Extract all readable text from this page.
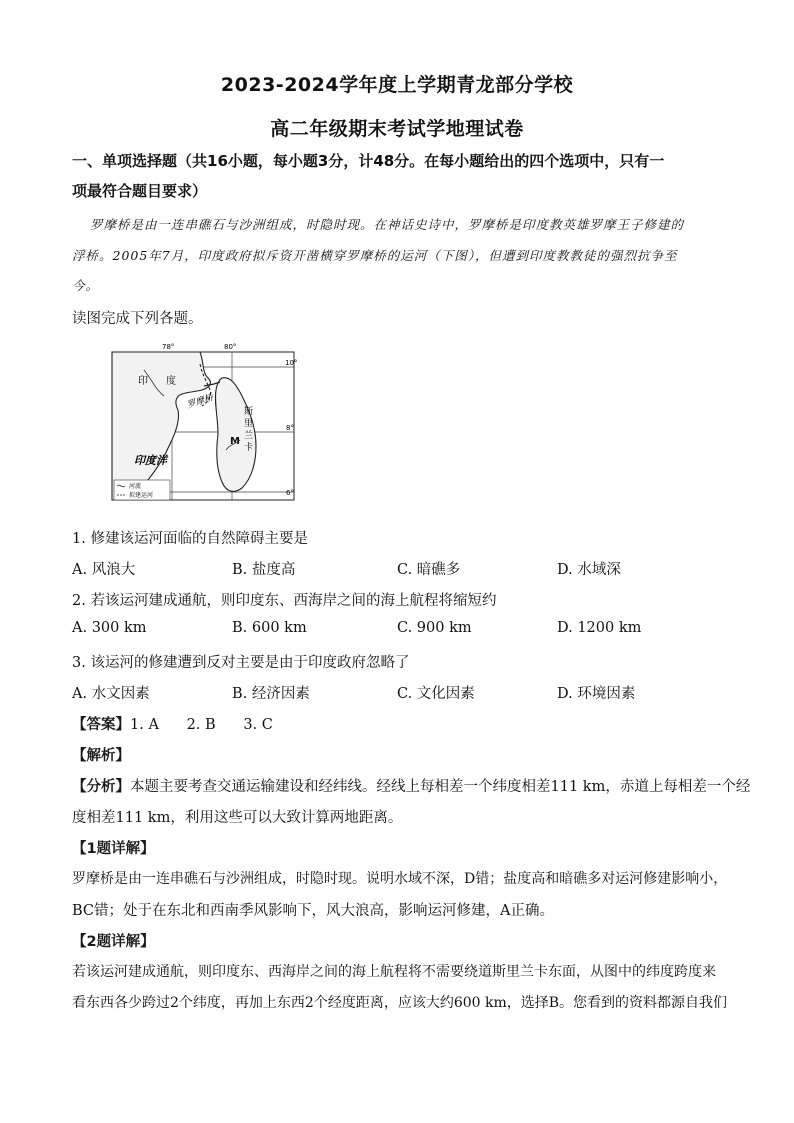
2023-2024学年度上学期青龙部分学校
高二年级期末考试学地理试卷
一、单项选择题（共16小题，每小题3分，计48分。在每小题给出的四个选项中，只有一
项最符合题目要求）
罗摩桥是由一连串礁石与沙洲组成，时隐时现。在神话史诗中，罗摩桥是印度教英雄罗摩王子修建的
浮桥。2005年7月，印度政府拟斥资开凿横穿罗摩桥的运河（下图），但遭到印度教教徒的强烈抗争至
今。
读图完成下列各题。
78°	80°
10°
8°
6°
印 度
罗摩桥
斯
里
兰
卡
M
印度洋
河流
拟建运河
1. 修建该运河面临的自然障碍主要是
A. 风浪大	B. 盐度高	C. 暗礁多	D. 水域深
2. 若该运河建成通航，则印度东、西海岸之间的海上航程将缩短约
A. 300 km	B. 600 km	C. 900 km	D. 1200 km
3. 该运河的修建遭到反对主要是由于印度政府忽略了
A. 水文因素	B. 经济因素	C. 文化因素	D. 环境因素
【答案】1. A      2. B      3. C
【解析】
【分析】本题主要考查交通运输建设和经纬线。经线上每相差一个纬度相差111 km，赤道上每相差一个经
度相差111 km，利用这些可以大致计算两地距离。
【1题详解】
罗摩桥是由一连串礁石与沙洲组成，时隐时现。说明水域不深，D错；盐度高和暗礁多对运河修建影响小，
BC错；处于在东北和西南季风影响下，风大浪高，影响运河修建，A正确。
【2题详解】
若该运河建成通航，则印度东、西海岸之间的海上航程将不需要绕道斯里兰卡东面，从图中的纬度跨度来
看东西各少跨过2个纬度，再加上东西2个经度距离，应该大约600 km，选择B。您看到的资料都源自我们
